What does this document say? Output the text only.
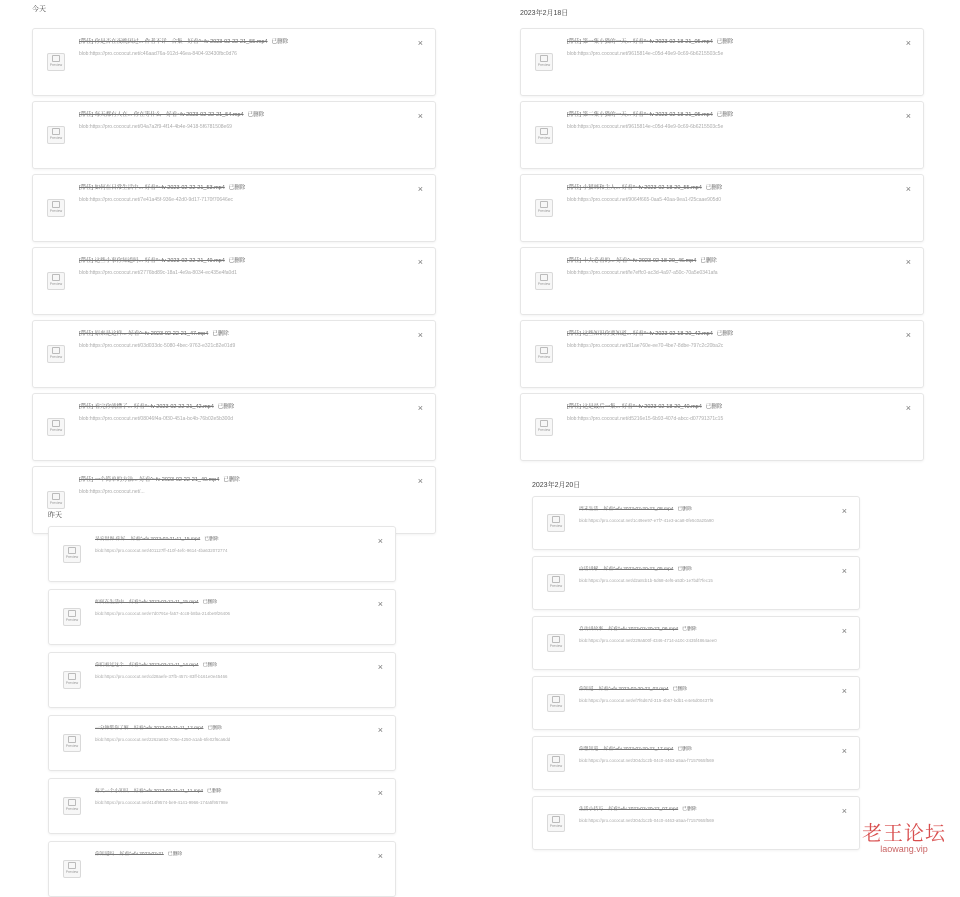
今天
Preview
[帶佳] 你是否在夜晚因过... 作者不详 · 合集 · 好看^~fv 2023-02-22-21_55.mp4 已删除
blob:https://pro.cococut.net/c46aad76a-912d-46ea-8404-93430fbc0d76
×
Preview
[帶佳] 每天都有人在... 你在等什么 · 好看~fv 2023-02-22-21_54.mp4 已删除
blob:https://pro.cococut.net/04a7a2f9-4f14-4b4e-9418-5f6781508e69
×
Preview
[帶佳] 如何在日常生活中... 好看^~fv 2023-02-22-21_53.mp4 已删除
blob:https://pro.cococut.net/7e41a45f-936e-42d0-9d17-7170f70646ec
×
Preview
[帶佳] 这些小事你知道吗... 好看^~fv 2023-02-22-21_49.mp4 已删除
blob:https://pro.cococut.net/2776bd89c-18a1-4e9a-8034-ec435e4fa0d1
×
Preview
[帶佳] 原来是这样... 好看^~fv 2023-02-22-21_47.mp4 已删除
blob:https://pro.cococut.net/03d033dc-5080-4bec-9763-e321c82e01d9
×
Preview
[帶佳] 看完你就懂了... 好看^~fv 2023-02-22-21_42.mp4 已删除
blob:https://pro.cococut.net/08046f4a-0f30-451a-bc4b-76b02e5b300d
×
Preview
[帶佳] 一个简单的方法... 好看^~fv 2023-02-22-21_40.mp4 已删除
blob:https://pro.cococut.net/...
×
2023年2月18日
Preview
[帶佳] 第一集小猫的一天... 好看^~fv 2023-02-18-21_05.mp4 已删除
blob:https://pro.cococut.net/9615814e-c05d-49e9-0c69-6b6215503c5e
×
Preview
[帶佳] 第二集小猫的一天... 好看^~fv 2023-02-18-21_05.mp4 已删除
blob:https://pro.cococut.net/9615814e-c05d-49e9-0c69-6b6215503c5e
×
Preview
[帶佳] 小猫咪和主人... 好看^~fv 2023-02-18-20_55.mp4 已删除
blob:https://pro.cococut.net/9064f665-0aa5-40aa-9ea1-f25caae905d0
×
Preview
[帶佳] 十大必看的... 好看^~fv 2023-02-18-20_46.mp4 已删除
blob:https://pro.cococut.net/fe7effc0-ac3d-4a97-a50c-70a5e0341afa
×
Preview
[帶佳] 这些知识你要知道... 好看^~fv 2023-02-18-20_42.mp4 已删除
blob:https://pro.cococut.net/31ae760e-ee70-4be7-8dbe-797c2c20ba2c
×
Preview
[帶佳] 这是最后一集... 好看^~fv 2023-02-18-20_40.mp4 已删除
blob:https://pro.cococut.net/d5216e15-6b93-407d-abcc-d07791371c15
×
昨天
Preview
早安世界·你好... 好看^~fv 2023-02-21-11_15.mp4 已删除
blob:https://pro.cococut.net/401127ff-410f-4efc-9614-4ba632072774
×
Preview
如何在生活中... 好看^~fv 2023-02-21-11_15.mp4 已删除
blob:https://pro.cococut.net/e7d0791e-fa57-4cc8-b8ba-214be9f26406
×
Preview
你们看过这个... 好看^~fv 2023-02-21-11_14.mp4 已删除
blob:https://pro.cococut.net/cd28aefe-37fb-457c-83ff-b161e0e45466
×
Preview
一分钟带你了解... 好看^~fv 2023-02-21-11_12.mp4 已删除
blob:https://pro.cococut.net/2262a652-705e-4250-a1ab-6fe02f6ca6dd
×
Preview
每天一个小知识... 好看^~fv 2023-02-21-11_11.mp4 已删除
blob:https://pro.cococut.net/414f9574-be9-4141-9966-174a5f95798e
×
Preview
你知道吗... 好看^~fv 2023-02-21 已删除	×
2023年2月20日
Preview
周末生活... 好看^~fv 2023-02-20-23_08.mp4 已删除
blob:https://pro.cococut.net/1c49ee97-e7f7-41e3-aca8-0fe5c0a20a90
×
Preview
白话讲解... 好看^~fv 2023-02-20-23_05.mp4 已删除
blob:https://pro.cococut.net/d2a8cb1b-5d68-4ef6-a53b-1e7bdf7fec15
×
Preview
自动讲故事... 好看^~fv 2023-02-20-23_06.mp4 已删除
blob:https://pro.cococut.net/229a500f-4346-4714-a10c-2435f4864aee0
×
Preview
你知道... 好看^~fv 2023-02-20-23_03.mp4 已删除
blob:https://pro.cococut.net/ef7f6d67d-315-4b67-bdb1-e4e5d00437f9
×
Preview
你想知道... 好看^~fv 2023-02-20-22_17.mp4 已删除
blob:https://pro.cococut.net/304d1c2b-04c0-4463-a5aa-f7157955f569
×
Preview
生活小技巧... 好看^~fv 2023-02-20-22_07.mp4 已删除
blob:https://pro.cococut.net/304d1c2b-04c0-4463-a5aa-f7157955f569
×
老王论坛
laowang.vip
